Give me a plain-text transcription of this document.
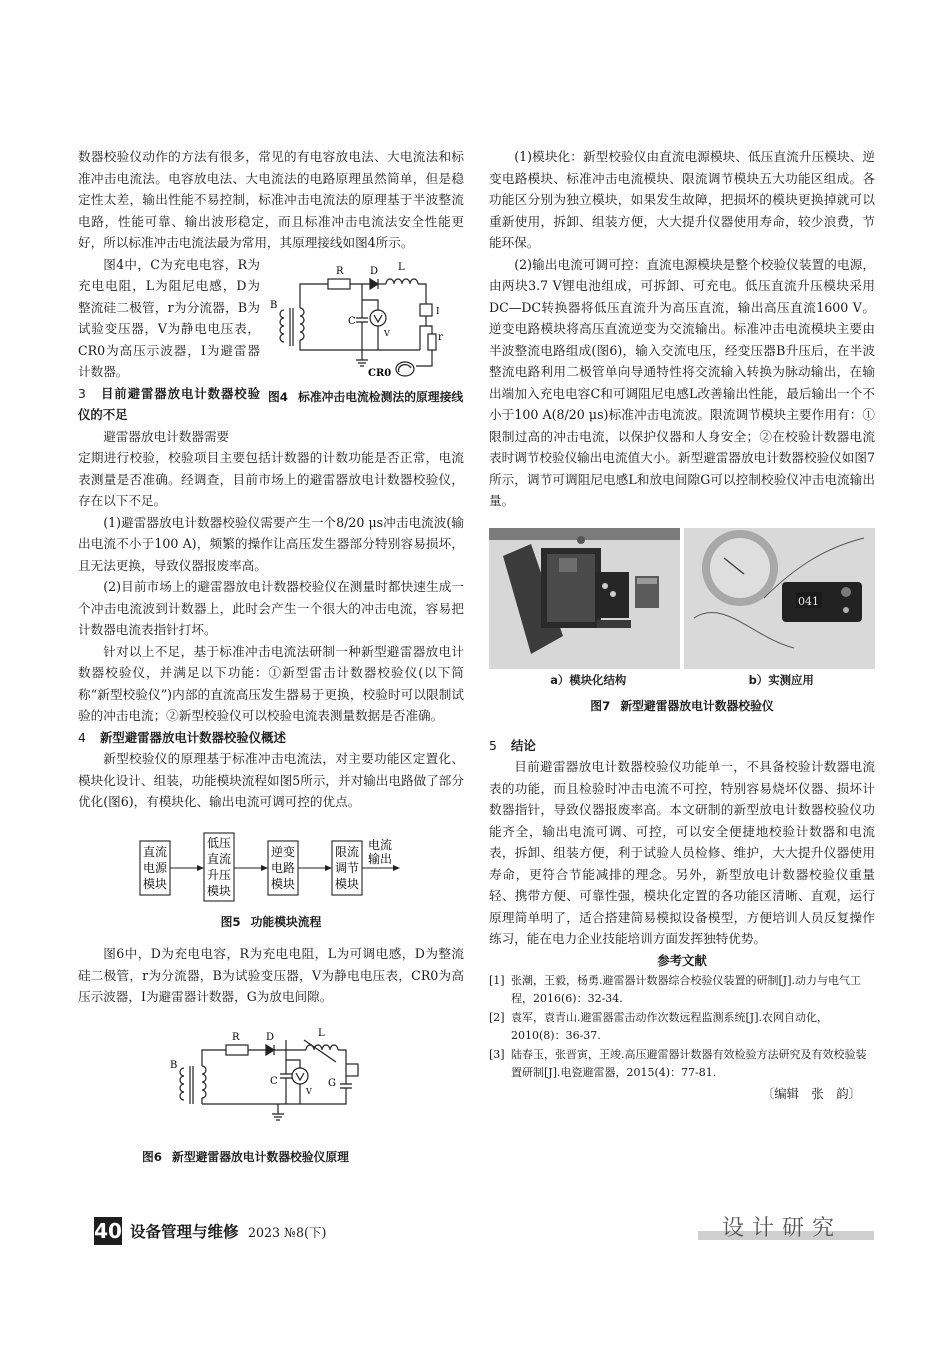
数器校验仪动作的方法有很多，常见的有电容放电法、大电流法和标准冲击电流法。电容放电法、大电流法的电路原理虽然简单，但是稳定性太差，输出性能不易控制，标准冲击电流法的原理基于半波整流电路，性能可靠、输出波形稳定，而且标准冲击电流法安全性能更好，所以标准冲击电流法最为常用，其原理接线如图4所示。

图4中，C为充电电容，R为充电电阻，L为阻尼电感，D为整流硅二极管，r为分流器，B为试验变压器，V为静电电压表，CR0为高压示波器，I为避雷器计数器。

3 目前避雷器放电计数器校验仪的不足

避雷器放电计数器需要

R	D L
B
C
V
I
r
CR0
图4 标准冲击电流检测法的原理接线

定期进行校验，校验项目主要包括计数器的计数功能是否正常，电流表测量是否准确。经调查，目前市场上的避雷器放电计数器校验仪，存在以下不足。

(1)避雷器放电计数器校验仪需要产生一个8/20 μs冲击电流波(输出电流不小于100 A)，频繁的操作让高压发生器部分特别容易损坏，且无法更换，导致仪器报废率高。

(2)目前市场上的避雷器放电计数器校验仪在测量时都快速生成一个冲击电流波到计数器上，此时会产生一个很大的冲击电流，容易把计数器电流表指针打坏。

针对以上不足，基于标准冲击电流法研制一种新型避雷器放电计数器校验仪，并满足以下功能：①新型雷击计数器校验仪(以下简称“新型校验仪”)内部的直流高压发生器易于更换，校验时可以限制试验的冲击电流；②新型校验仪可以校验电流表测量数据是否准确。

4 新型避雷器放电计数器校验仪概述

新型校验仪的原理基于标准冲击电流法，对主要功能区定置化、模块化设计、组装，功能模块流程如图5所示，并对输出电路做了部分优化(图6)，有模块化、输出电流可调可控的优点。

直流
电源
模块
低压
直流
升压
模块
逆变
电路
模块
限流
调节
模块
电流
输出
图5 功能模块流程

图6中，D为充电电容，R为充电电阻，L为可调电感，D为整流硅二极管，r为分流器，B为试验变压器，V为静电电压表，CR0为高压示波器，I为避雷器计数器，G为放电间隙。

R	D	L
B
C
V
G
图6 新型避雷器放电计数器校验仪原理

(1)模块化：新型校验仪由直流电源模块、低压直流升压模块、逆变电路模块、标准冲击电流模块、限流调节模块五大功能区组成。各功能区分别为独立模块，如果发生故障，把损坏的模块更换掉就可以重新使用，拆卸、组装方便，大大提升仪器使用寿命，较少浪费，节能环保。

(2)输出电流可调可控：直流电源模块是整个校验仪装置的电源，由两块3.7 V锂电池组成，可拆卸、可充电。低压直流升压模块采用DC—DC转换器将低压直流升为高压直流，输出高压直流1600 V。逆变电路模块将高压直流逆变为交流输出。标准冲击电流模块主要由半波整流电路组成(图6)，输入交流电压，经变压器B升压后，在半波整流电路利用二极管单向导通特性将交流输入转换为脉动输出，在输出端加入充电电容C和可调阻尼电感L改善输出性能，最后输出一个不小于100 A(8/20 μs)标准冲击电流波。限流调节模块主要作用有：①限制过高的冲击电流，以保护仪器和人身安全；②在校验计数器电流表时调节校验仪输出电流值大小。新型避雷器放电计数器校验仪如图7所示，调节可调阻尼电感L和放电间隙G可以控制校验仪冲击电流输出量。

041
a）模块化结构	b）实测应用
图7 新型避雷器放电计数器校验仪

5 结论

目前避雷器放电计数器校验仪功能单一，不具备校验计数器电流表的功能，而且检验时冲击电流不可控，特别容易烧坏仪器、损坏计数器指针，导致仪器报废率高。本文研制的新型放电计数器校验仪功能齐全，输出电流可调、可控，可以安全便捷地校验计数器和电流表，拆卸、组装方便，利于试验人员检修、维护，大大提升仪器使用寿命，更符合节能减排的理念。另外，新型放电计数器校验仪重量轻、携带方便、可靠性强，模块化定置的各功能区清晰、直观，运行原理简单明了，适合搭建简易模拟设备模型，方便培训人员反复操作练习，能在电力企业技能培训方面发挥独特优势。

参考文献
[1] 张潮，王毅，杨勇.避雷器计数器综合校验仪装置的研制[J].动力与电气工程，2016(6)：32-34.
[2] 袁军，袁青山.避雷器雷击动作次数远程监测系统[J].农网自动化，2010(8)：36-37.
[3] 陆春玉，张晋寅，王竣.高压避雷器计数器有效检验方法研究及有效校验装置研制[J].电瓷避雷器，2015(4)：77-81.
〔编辑　张　韵〕
40 设备管理与维修 2023 №8(下)	设计研究
